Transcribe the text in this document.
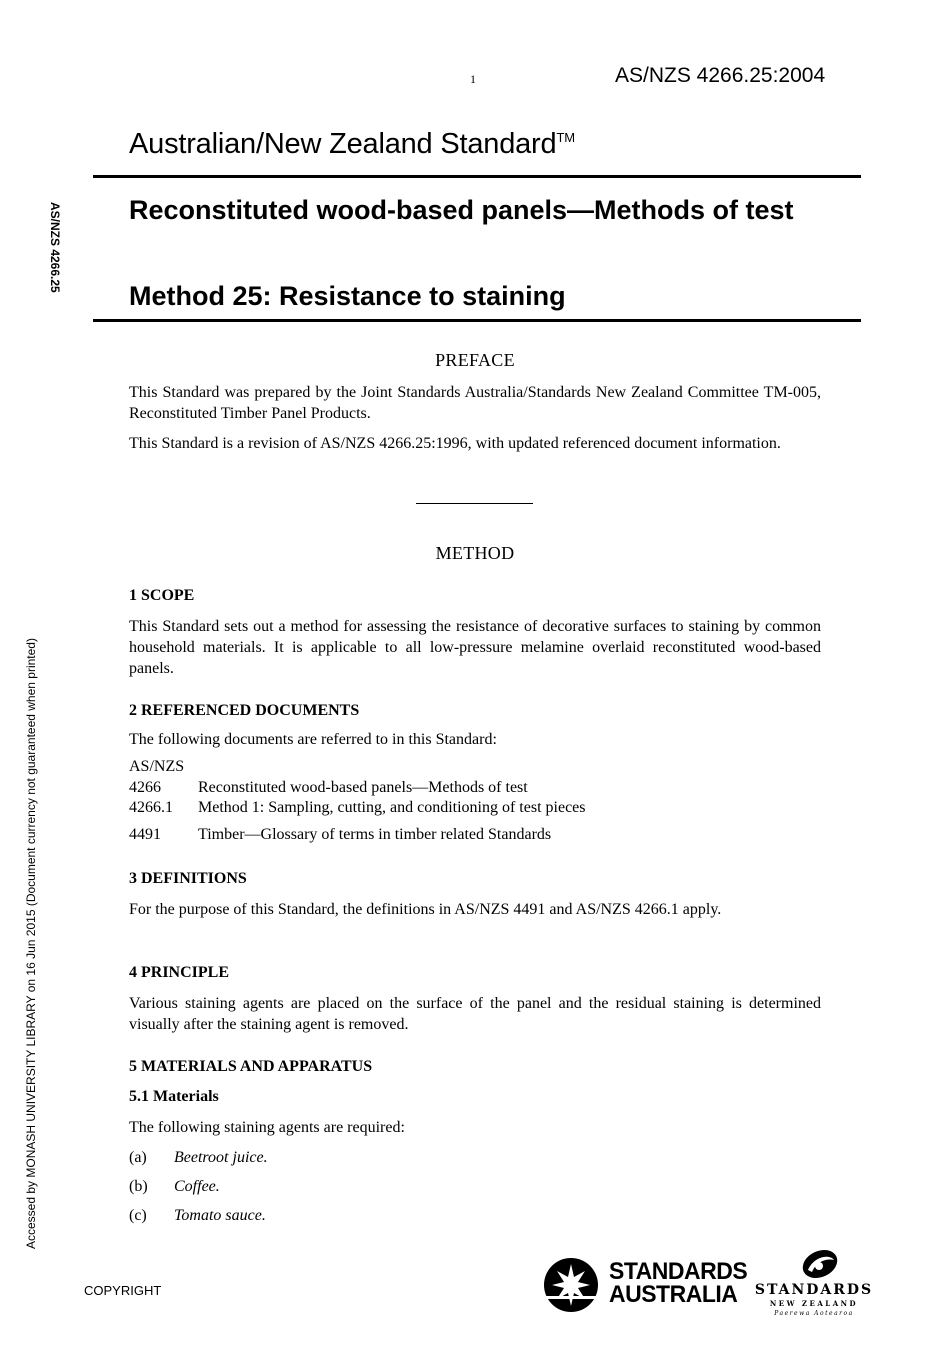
1	AS/NZS 4266.25:2004
AS/NZS 4266.25
Accessed by MONASH UNIVERSITY LIBRARY on 16 Jun 2015 (Document currency not guaranteed when printed)
Australian/New Zealand Standard™
Reconstituted wood-based panels—Methods of test
Method 25: Resistance to staining
PREFACE
This Standard was prepared by the Joint Standards Australia/Standards New Zealand Committee TM-005, Reconstituted Timber Panel Products.
This Standard is a revision of AS/NZS 4266.25:1996, with updated referenced document information.
METHOD
1 SCOPE
This Standard sets out a method for assessing the resistance of decorative surfaces to staining by common household materials. It is applicable to all low-pressure melamine overlaid reconstituted wood-based panels.
2 REFERENCED DOCUMENTS
The following documents are referred to in this Standard:
AS/NZS
4266 Reconstituted wood-based panels—Methods of test
4266.1 Method 1: Sampling, cutting, and conditioning of test pieces
4491 Timber—Glossary of terms in timber related Standards
3 DEFINITIONS
For the purpose of this Standard, the definitions in AS/NZS 4491 and AS/NZS 4266.1 apply.
4 PRINCIPLE
Various staining agents are placed on the surface of the panel and the residual staining is determined visually after the staining agent is removed.
5 MATERIALS AND APPARATUS
5.1 Materials
The following staining agents are required:
(a) Beetroot juice.
(b) Coffee.
(c) Tomato sauce.
COPYRIGHT
STANDARDS
AUSTRALIA	STANDARDS
NEW ZEALAND
Paerewa Aotearoa
